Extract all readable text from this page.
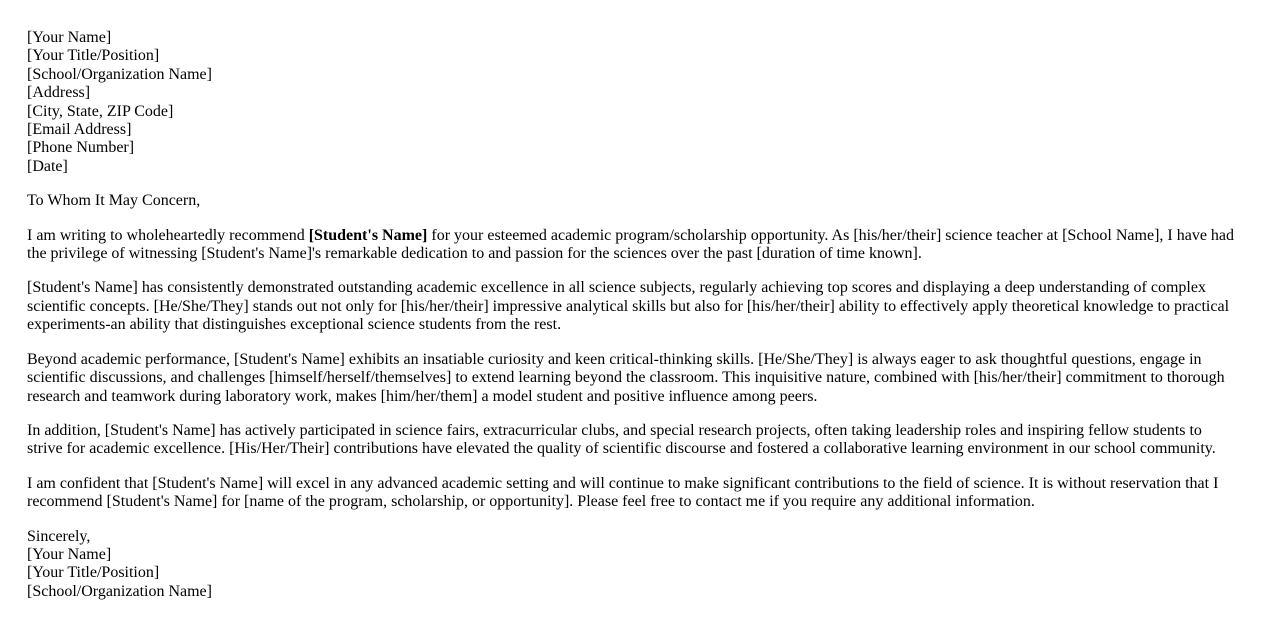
[Your Name]
[Your Title/Position]
[School/Organization Name]
[Address]
[City, State, ZIP Code]
[Email Address]
[Phone Number]
[Date]

To Whom It May Concern,

I am writing to wholeheartedly recommend [Student's Name] for your esteemed academic program/scholarship opportunity. As [his/her/their] science teacher at [School Name], I have had the privilege of witnessing [Student's Name]'s remarkable dedication to and passion for the sciences over the past [duration of time known].

[Student's Name] has consistently demonstrated outstanding academic excellence in all science subjects, regularly achieving top scores and displaying a deep understanding of complex scientific concepts. [He/She/They] stands out not only for [his/her/their] impressive analytical skills but also for [his/her/their] ability to effectively apply theoretical knowledge to practical experiments-an ability that distinguishes exceptional science students from the rest.

Beyond academic performance, [Student's Name] exhibits an insatiable curiosity and keen critical-thinking skills. [He/She/They] is always eager to ask thoughtful questions, engage in scientific discussions, and challenges [himself/herself/themselves] to extend learning beyond the classroom. This inquisitive nature, combined with [his/her/their] commitment to thorough research and teamwork during laboratory work, makes [him/her/them] a model student and positive influence among peers.

In addition, [Student's Name] has actively participated in science fairs, extracurricular clubs, and special research projects, often taking leadership roles and inspiring fellow students to strive for academic excellence. [His/Her/Their] contributions have elevated the quality of scientific discourse and fostered a collaborative learning environment in our school community.

I am confident that [Student's Name] will excel in any advanced academic setting and will continue to make significant contributions to the field of science. It is without reservation that I recommend [Student's Name] for [name of the program, scholarship, or opportunity]. Please feel free to contact me if you require any additional information.

Sincerely,
[Your Name]
[Your Title/Position]
[School/Organization Name]
